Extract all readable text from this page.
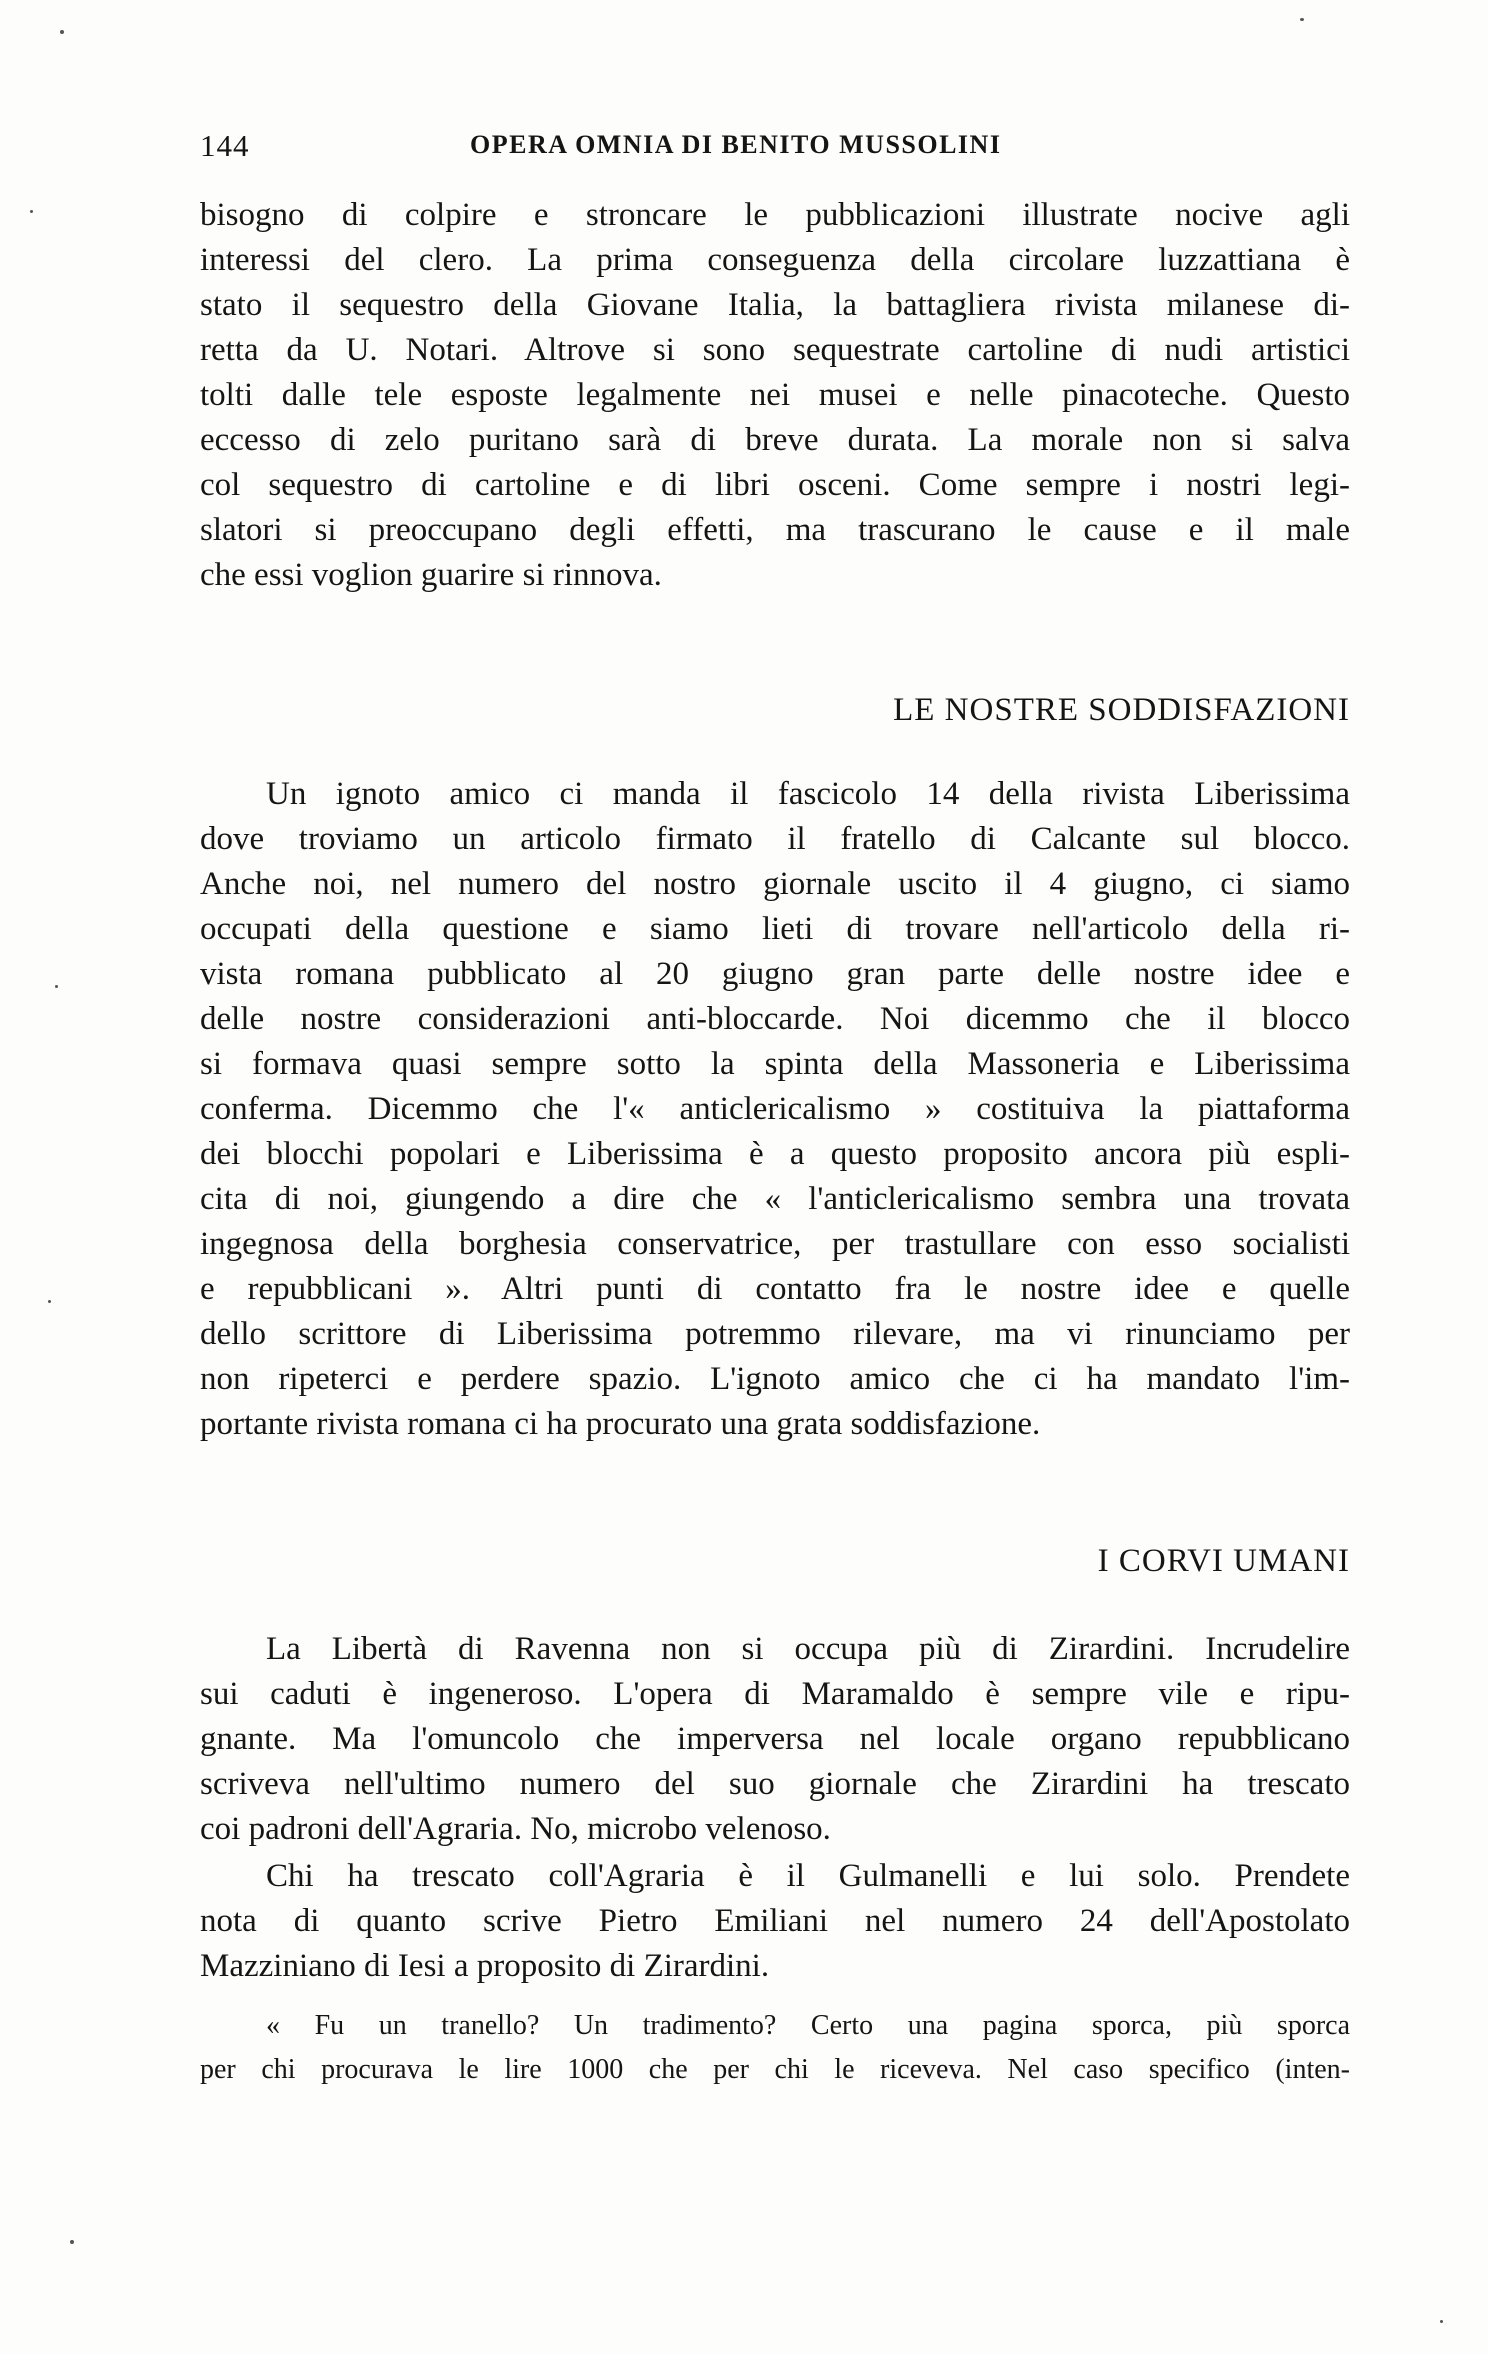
144	OPERA OMNIA DI BENITO MUSSOLINI
bisogno di colpire e stroncare le pubblicazioni illustrate nocive agli
interessi del clero. La prima conseguenza della circolare luzzattiana è
stato il sequestro della Giovane Italia, la battagliera rivista milanese di-
retta da U. Notari. Altrove si sono sequestrate cartoline di nudi artistici
tolti dalle tele esposte legalmente nei musei e nelle pinacoteche. Questo
eccesso di zelo puritano sarà di breve durata. La morale non si salva
col sequestro di cartoline e di libri osceni. Come sempre i nostri legi-
slatori si preoccupano degli effetti, ma trascurano le cause e il male
che essi voglion guarire si rinnova.
LE NOSTRE SODDISFAZIONI
Un ignoto amico ci manda il fascicolo 14 della rivista Liberissima
dove troviamo un articolo firmato il fratello di Calcante sul blocco.
Anche noi, nel numero del nostro giornale uscito il 4 giugno, ci siamo
occupati della questione e siamo lieti di trovare nell'articolo della ri-
vista romana pubblicato al 20 giugno gran parte delle nostre idee e
delle nostre considerazioni anti-bloccarde. Noi dicemmo che il blocco
si formava quasi sempre sotto la spinta della Massoneria e Liberissima
conferma. Dicemmo che l'« anticlericalismo » costituiva la piattaforma
dei blocchi popolari e Liberissima è a questo proposito ancora più espli-
cita di noi, giungendo a dire che « l'anticlericalismo sembra una trovata
ingegnosa della borghesia conservatrice, per trastullare con esso socialisti
e repubblicani ». Altri punti di contatto fra le nostre idee e quelle
dello scrittore di Liberissima potremmo rilevare, ma vi rinunciamo per
non ripeterci e perdere spazio. L'ignoto amico che ci ha mandato l'im-
portante rivista romana ci ha procurato una grata soddisfazione.
I CORVI UMANI
La Libertà di Ravenna non si occupa più di Zirardini. Incrudelire
sui caduti è ingeneroso. L'opera di Maramaldo è sempre vile e ripu-
gnante. Ma l'omuncolo che imperversa nel locale organo repubblicano
scriveva nell'ultimo numero del suo giornale che Zirardini ha trescato
coi padroni dell'Agraria. No, microbo velenoso.
Chi ha trescato coll'Agraria è il Gulmanelli e lui solo. Prendete
nota di quanto scrive Pietro Emiliani nel numero 24 dell'Apostolato
Mazziniano di Iesi a proposito di Zirardini.
« Fu un tranello? Un tradimento? Certo una pagina sporca, più sporca
per chi procurava le lire 1000 che per chi le riceveva. Nel caso specifico (inten-
